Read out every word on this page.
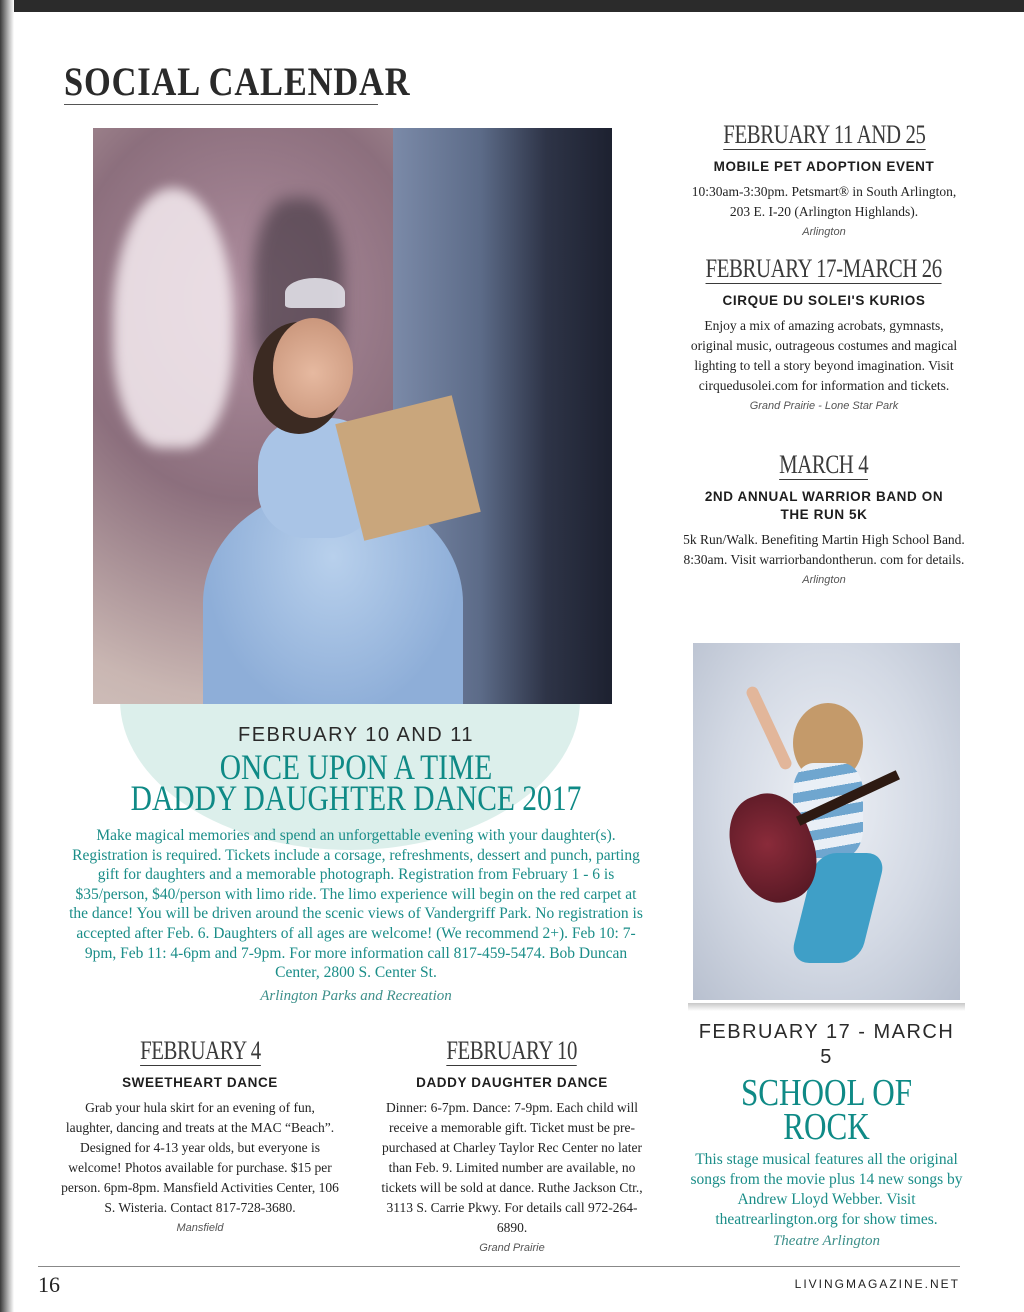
SOCIAL CALENDAR
FEBRUARY 11 AND 25
MOBILE PET ADOPTION EVENT
10:30am-3:30pm. Petsmart® in South Arlington, 203 E. I-20 (Arlington Highlands).
Arlington
FEBRUARY 17-MARCH 26
CIRQUE DU SOLEI'S KURIOS
Enjoy a mix of amazing acrobats, gymnasts, original music, outrageous costumes and magical lighting to tell a story beyond imagination. Visit cirquedusolei.com for information and tickets.
Grand Prairie - Lone Star Park
MARCH 4
2ND ANNUAL WARRIOR BAND ON THE RUN 5K
5k Run/Walk. Benefiting Martin High School Band. 8:30am. Visit warriorbandontherun. com for details.
Arlington
FEBRUARY 10 AND 11
ONCE UPON A TIME
DADDY DAUGHTER DANCE 2017
Make magical memories and spend an unforgettable evening with your daughter(s). Registration is required. Tickets include a corsage, refreshments, dessert and punch, parting gift for daughters and a memorable photograph. Registration from February 1 - 6 is $35/person, $40/person with limo ride. The limo experience will begin on the red carpet at the dance! You will be driven around the scenic views of Vandergriff Park. No registration is accepted after Feb. 6. Daughters of all ages are welcome! (We recommend 2+). Feb 10: 7-9pm, Feb 11: 4-6pm and 7-9pm. For more information call 817-459-5474. Bob Duncan Center, 2800 S. Center St.
Arlington Parks and Recreation
FEBRUARY 4
SWEETHEART DANCE
Grab your hula skirt for an evening of fun, laughter, dancing and treats at the MAC “Beach”. Designed for 4-13 year olds, but everyone is welcome! Photos available for purchase. $15 per person. 6pm-8pm. Mansfield Activities Center, 106 S. Wisteria. Contact 817-728-3680.
Mansfield
FEBRUARY 10
DADDY DAUGHTER DANCE
Dinner: 6-7pm. Dance: 7-9pm. Each child will receive a memorable gift. Ticket must be pre-purchased at Charley Taylor Rec Center no later than Feb. 9. Limited number are available, no tickets will be sold at dance. Ruthe Jackson Ctr., 3113 S. Carrie Pkwy. For details call 972-264-6890.
Grand Prairie
FEBRUARY 17 - MARCH 5
SCHOOL OF
ROCK
This stage musical features all the original songs from the movie plus 14 new songs by Andrew Lloyd Webber. Visit theatrearlington.org for show times.
Theatre Arlington
16	LIVINGMAGAZINE.NET
